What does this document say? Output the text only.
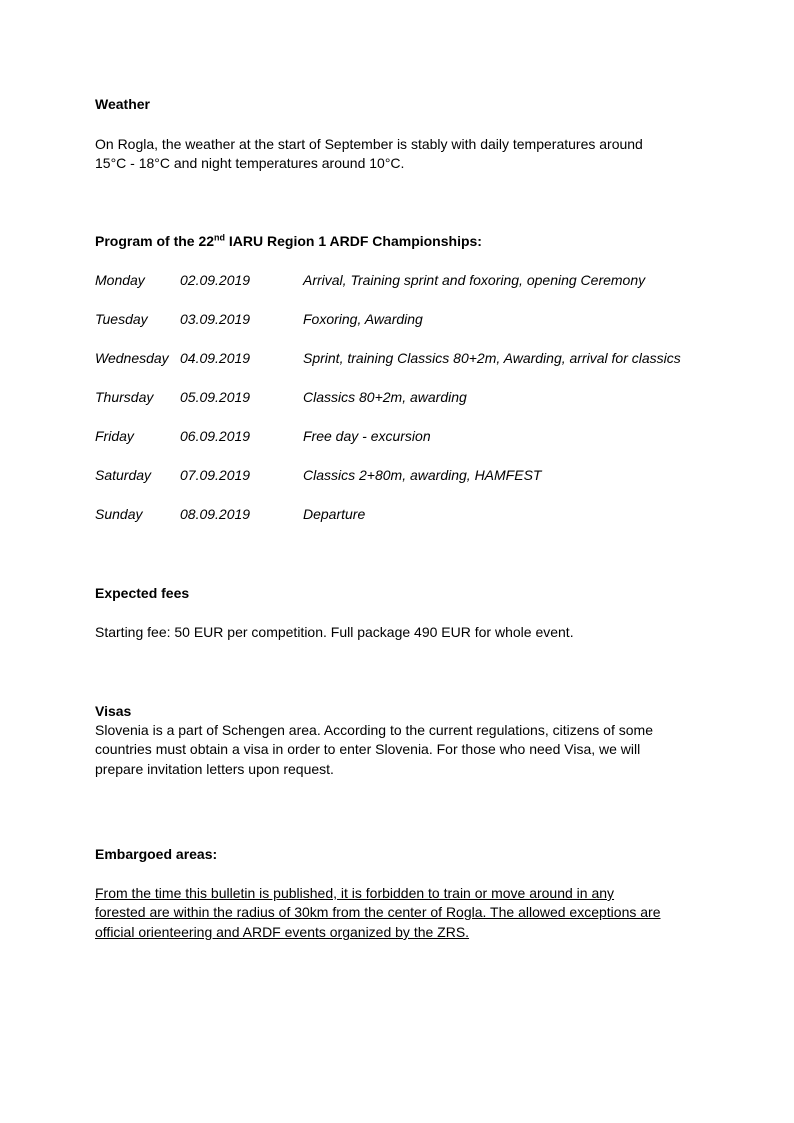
Weather
On Rogla, the weather at the start of September is stably with daily temperatures around
15°C - 18°C and night temperatures around 10°C.
Program of the 22nd IARU Region 1 ARDF Championships:
Monday	02.09.2019	Arrival, Training sprint and foxoring, opening Ceremony
Tuesday 03.09.2019	Foxoring, Awarding
Wednesday 04.09.2019	Sprint, training Classics 80+2m, Awarding, arrival for classics
Thursday 05.09.2019	Classics 80+2m, awarding
Friday	06.09.2019	Free day - excursion
Saturday 07.09.2019	Classics 2+80m, awarding, HAMFEST
Sunday	08.09.2019	Departure
Expected fees
Starting fee: 50 EUR per competition. Full package 490 EUR for whole event.
Visas
Slovenia is a part of Schengen area. According to the current regulations, citizens of some
countries must obtain a visa in order to enter Slovenia. For those who need Visa, we will
prepare invitation letters upon request.
Embargoed areas:
From the time this bulletin is published, it is forbidden to train or move around in any
forested are within the radius of 30km from the center of Rogla. The allowed exceptions are
official orienteering and ARDF events organized by the ZRS.
